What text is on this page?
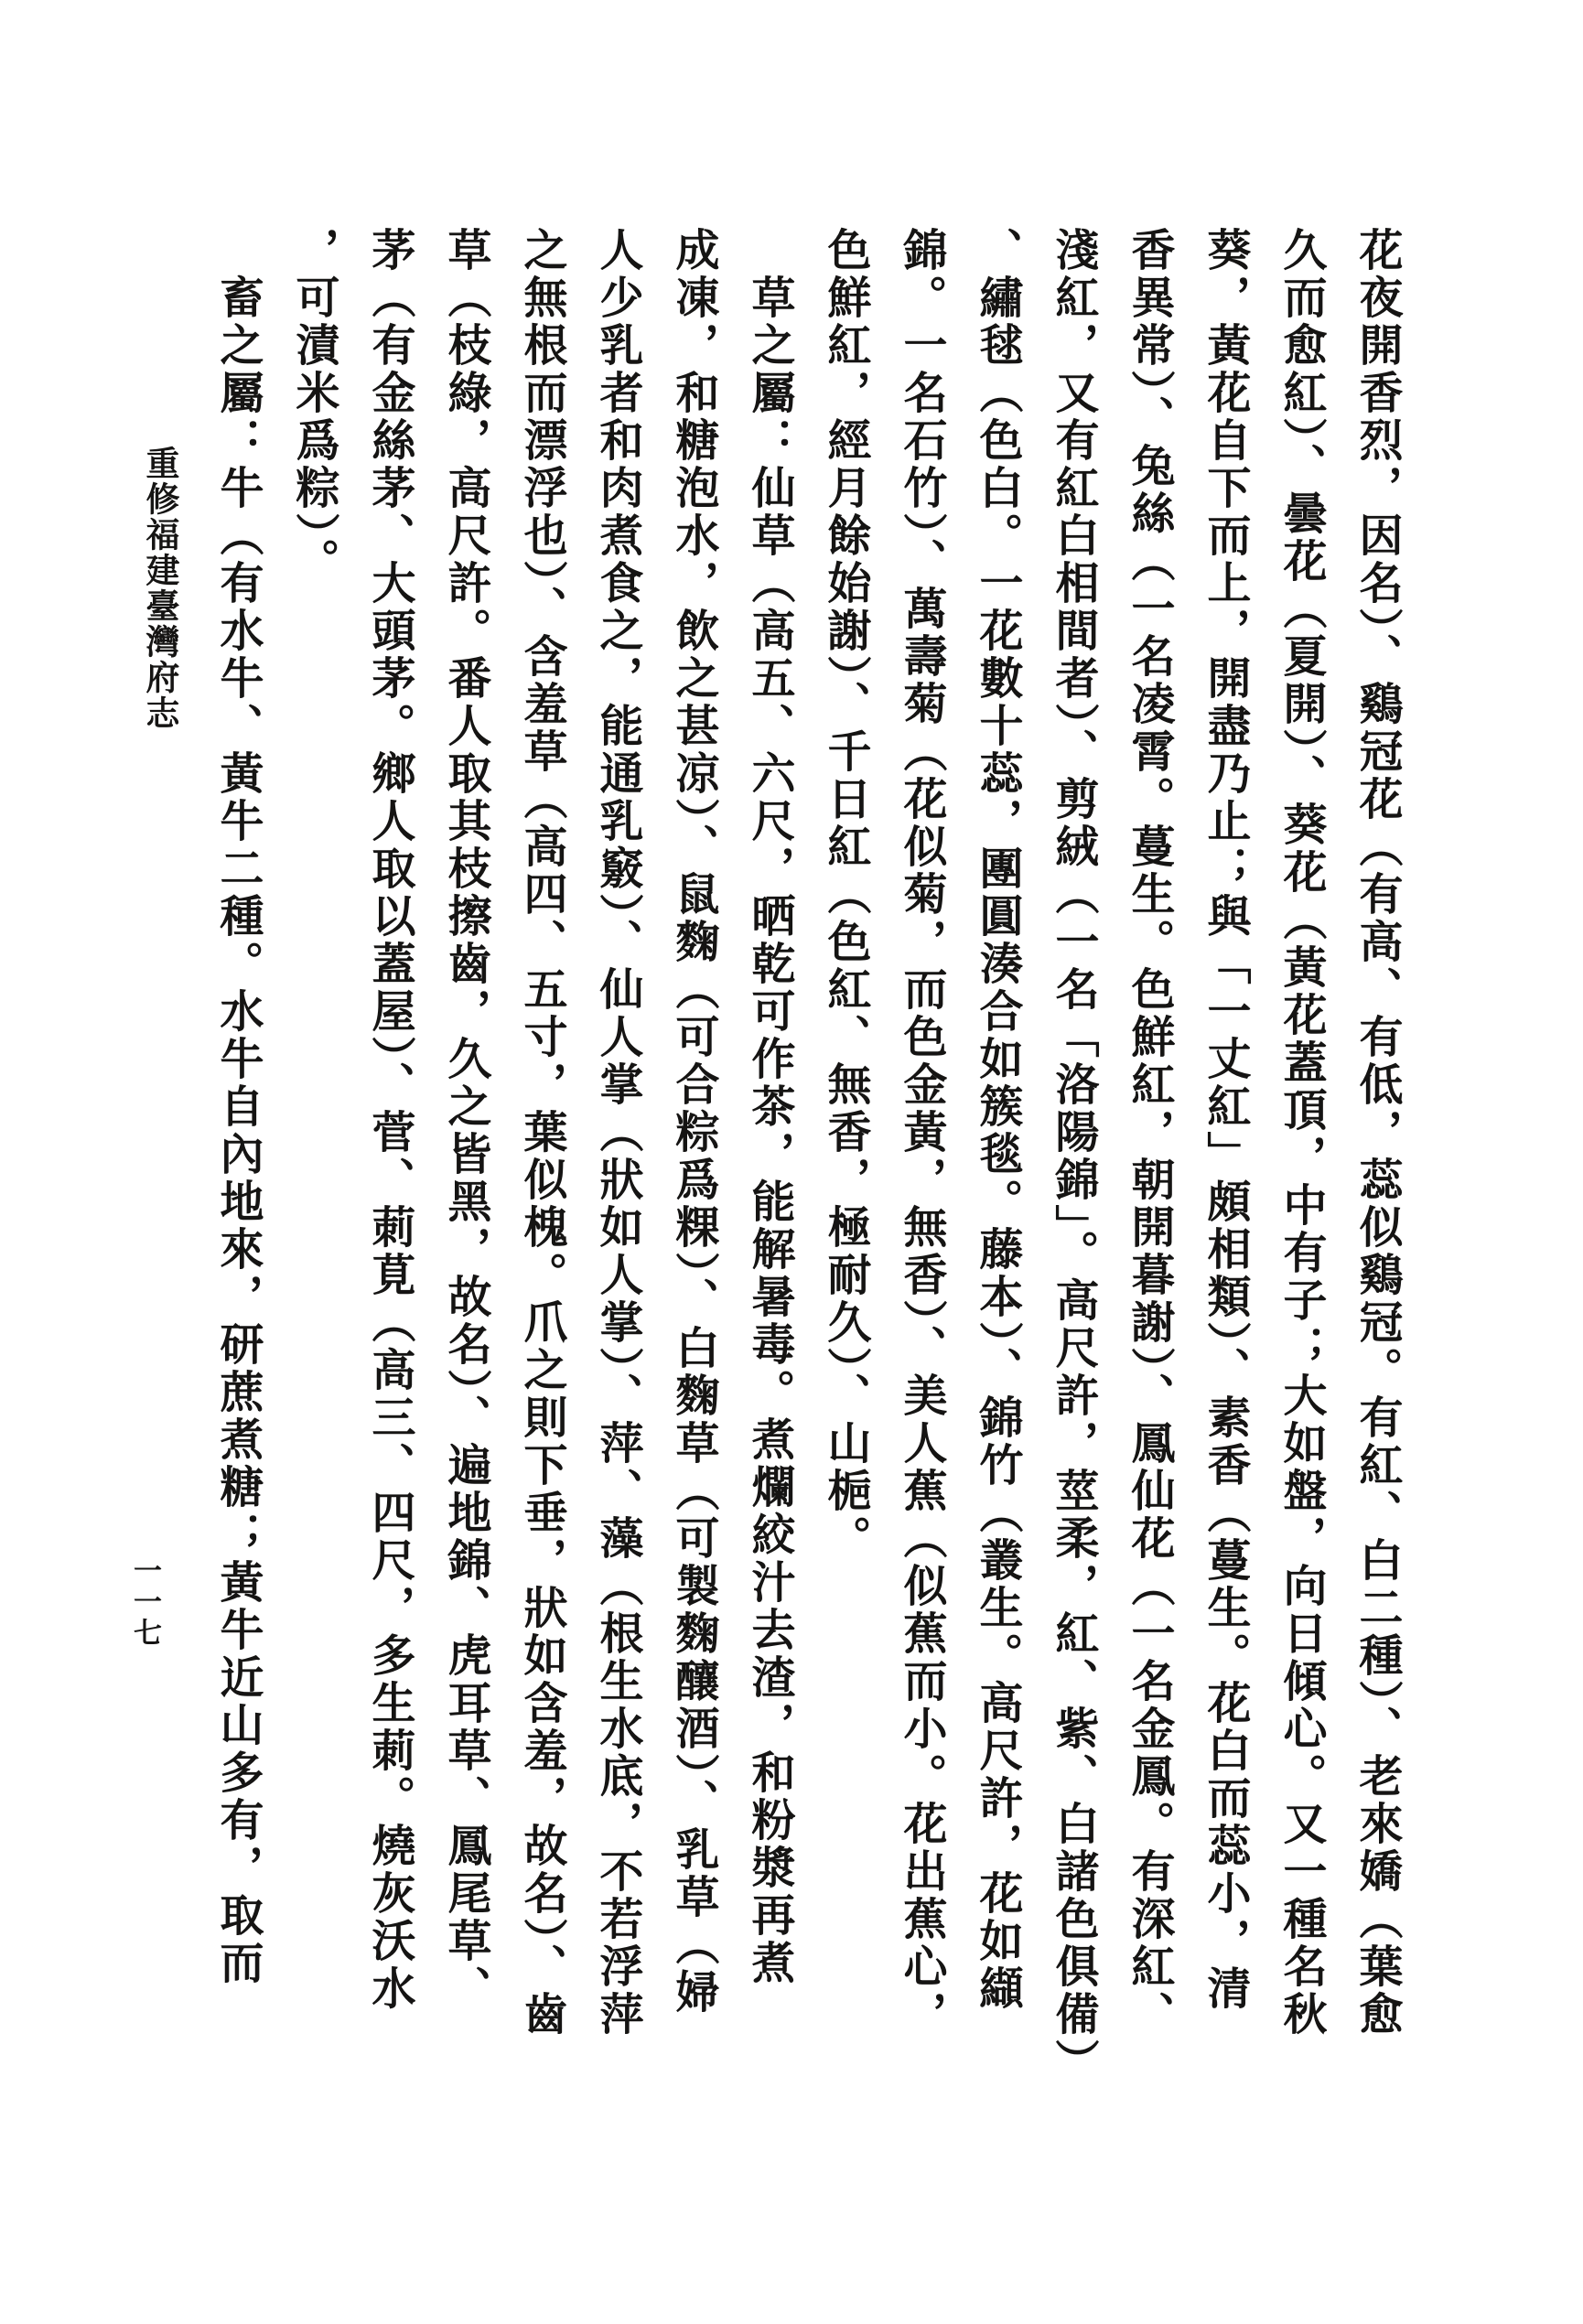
重修福建臺灣府志
一一七	花夜開香烈，因名）、鷄冠花（有高、有低，蕊似鷄冠。有紅、白二種）、老來嬌（葉愈
久而愈紅）、曇花（夏開）、葵花（黃花蓋頂，中有子；大如盤，向日傾心。又一種名秋
葵，黃花自下而上，開盡乃止；與「一丈紅」頗相類）、素香（蔓生。花白而蕊小，清
香異常）、兔絲（一名凌霄。蔓生。色鮮紅，朝開暮謝）、鳳仙花（一名金鳳。有深紅、
淺紅，又有紅白相間者）、剪絨（一名「洛陽錦」。高尺許，莖柔，紅、紫、白諸色俱備）
、繡毬（色白。一花數十蕊，團圓湊合如簇毯。藤本）、錦竹（叢生。高尺許，花如纈
錦。一名石竹）、萬壽菊（花似菊，而色金黃，無香）、美人蕉（似蕉而小。花出蕉心，
色鮮紅，經月餘始謝）、千日紅（色紅、無香，極耐久）、山梔。
草之屬：仙草（高五、六尺，晒乾可作茶，能解暑毒。煮爛絞汁去渣，和粉漿再煮
成凍，和糖泡水，飲之甚凉）、鼠麴（可合粽爲粿）、白麴草（可製麴釀酒）、乳草（婦
人少乳者和肉煮食之，能通乳竅）、仙人掌（狀如人掌）、萍、藻（根生水底，不若浮萍
之無根而漂浮也）、含羞草（高四、五寸，葉似槐。爪之則下垂，狀如含羞，故名）、齒
草（枝綠，高尺許。番人取其枝擦齒，久之皆黑，故名）、遍地錦、虎耳草、鳳尾草、
茅（有金絲茅、大頭茅。鄉人取以蓋屋）、菅、莿莧（高三、四尺，多生莿。燒灰沃水
，可漬米爲粽）。
畜之屬：牛（有水牛、黃牛二種。水牛自內地來，研蔗煮糖；黃牛近山多有，取而
